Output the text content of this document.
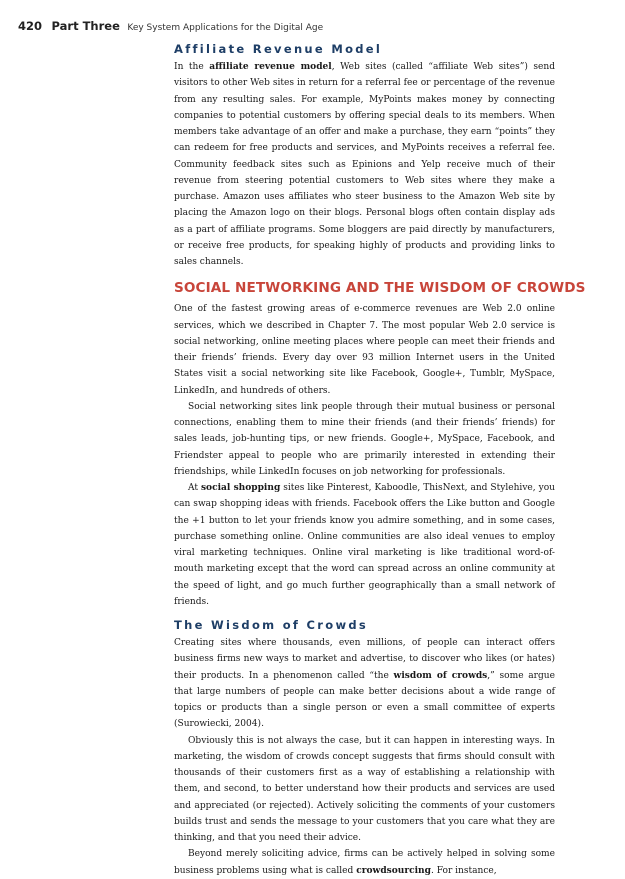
420 Part Three Key System Applications for the Digital Age
Affiliate Revenue Model

In the affiliate revenue model, Web sites (called “affiliate Web sites”) send visitors to other Web sites in return for a referral fee or percentage of the revenue from any resulting sales. For example, MyPoints makes money by connecting companies to potential customers by offering special deals to its members. When members take advantage of an offer and make a purchase, they earn “points” they can redeem for free products and services, and MyPoints receives a referral fee. Community feedback sites such as Epinions and Yelp receive much of their revenue from steering potential customers to Web sites where they make a purchase. Amazon uses affiliates who steer business to the Amazon Web site by placing the Amazon logo on their blogs. Personal blogs often contain display ads as a part of affiliate programs. Some bloggers are paid directly by manufacturers, or receive free products, for speaking highly of products and providing links to sales channels.

SOCIAL NETWORKING AND THE WISDOM OF CROWDS

One of the fastest growing areas of e-commerce revenues are Web 2.0 online services, which we described in Chapter 7. The most popular Web 2.0 service is social networking, online meeting places where people can meet their friends and their friends’ friends. Every day over 93 million Internet users in the United States visit a social networking site like Facebook, Google+, Tumblr, MySpace, LinkedIn, and hundreds of others.

Social networking sites link people through their mutual business or personal connections, enabling them to mine their friends (and their friends’ friends) for sales leads, job-hunting tips, or new friends. Google+, MySpace, Facebook, and Friendster appeal to people who are primarily interested in extending their friendships, while LinkedIn focuses on job networking for professionals.

At social shopping sites like Pinterest, Kaboodle, ThisNext, and Stylehive, you can swap shopping ideas with friends. Facebook offers the Like button and Google the +1 button to let your friends know you admire something, and in some cases, purchase something online. Online communities are also ideal venues to employ viral marketing techniques. Online viral marketing is like traditional word-of-mouth marketing except that the word can spread across an online community at the speed of light, and go much further geographically than a small network of friends.

The Wisdom of Crowds

Creating sites where thousands, even millions, of people can interact offers business firms new ways to market and advertise, to discover who likes (or hates) their products. In a phenomenon called “the wisdom of crowds,” some argue that large numbers of people can make better decisions about a wide range of topics or products than a single person or even a small committee of experts (Surowiecki, 2004).

Obviously this is not always the case, but it can happen in interesting ways. In marketing, the wisdom of crowds concept suggests that firms should consult with thousands of their customers first as a way of establishing a relationship with them, and second, to better understand how their products and services are used and appreciated (or rejected). Actively soliciting the comments of your customers builds trust and sends the message to your customers that you care what they are thinking, and that you need their advice.

Beyond merely soliciting advice, firms can be actively helped in solving some business problems using what is called crowdsourcing. For instance,
